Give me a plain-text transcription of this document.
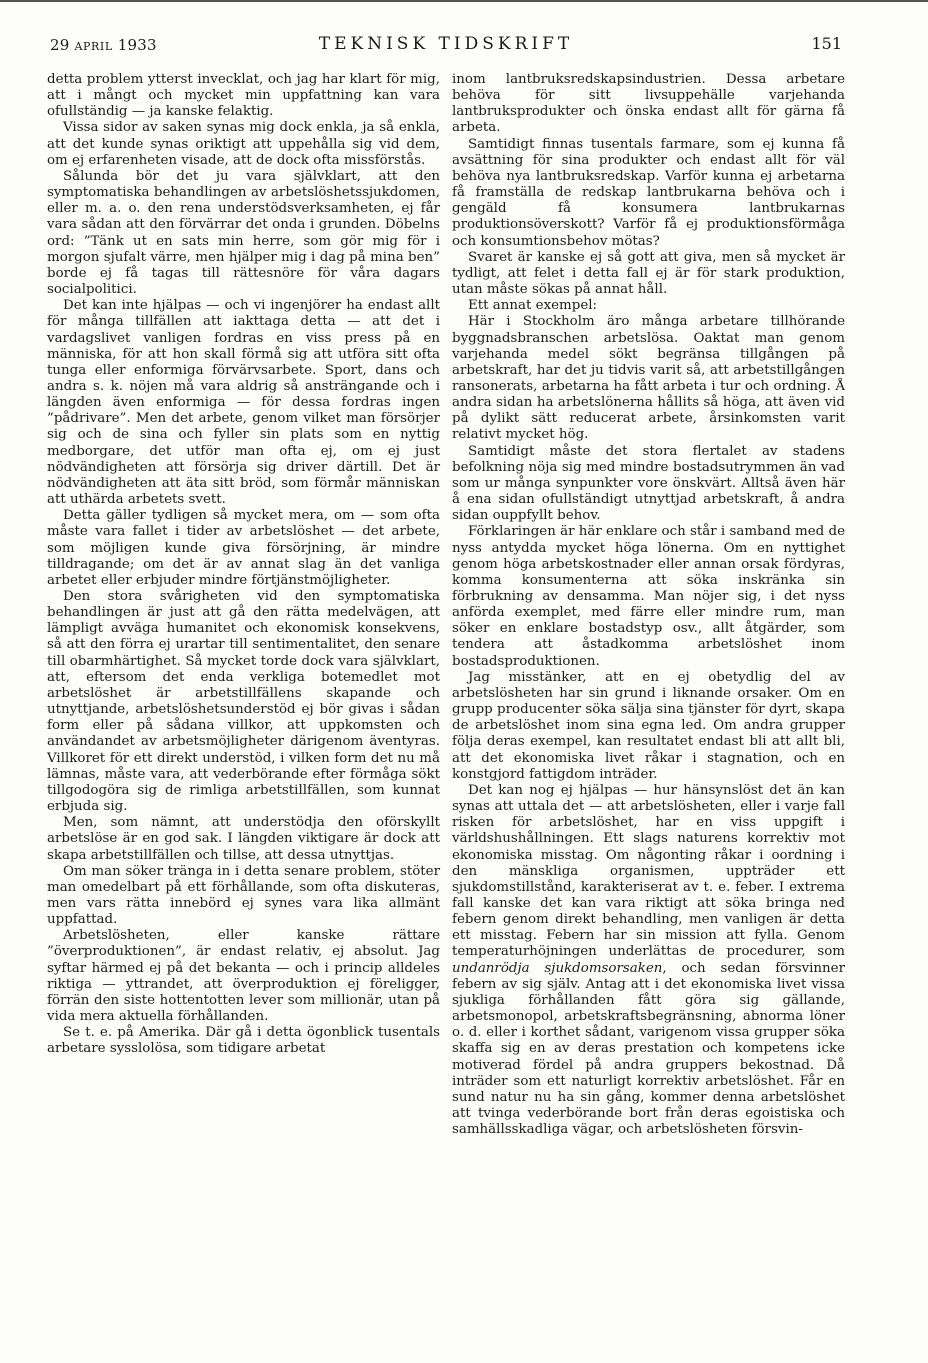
29 APRIL 1933	TEKNISK TIDSKRIFT	151

detta problem ytterst invecklat, och jag har klart för mig, att i mångt och mycket min uppfattning kan vara ofullständig — ja kanske felaktig.

Vissa sidor av saken synas mig dock enkla, ja så enkla, att det kunde synas oriktigt att uppehålla sig vid dem, om ej erfarenheten visade, att de dock ofta missförstås.

Sålunda bör det ju vara självklart, att den symptomatiska behandlingen av arbetslöshetssjukdomen, eller m. a. o. den rena understödsverksamheten, ej får vara sådan att den förvärrar det onda i grunden. Döbelns ord: ”Tänk ut en sats min herre, som gör mig för i morgon sjufalt värre, men hjälper mig i dag på mina ben” borde ej få tagas till rättesnöre för våra dagars socialpolitici.

Det kan inte hjälpas — och vi ingenjörer ha endast allt för många tillfällen att iakttaga detta — att det i vardagslivet vanligen fordras en viss press på en människa, för att hon skall förmå sig att utföra sitt ofta tunga eller enformiga förvärvsarbete. Sport, dans och andra s. k. nöjen må vara aldrig så ansträngande och i längden även enformiga — för dessa fordras ingen ”pådrivare”. Men det arbete, genom vilket man försörjer sig och de sina och fyller sin plats som en nyttig medborgare, det utför man ofta ej, om ej just nödvändigheten att försörja sig driver därtill. Det är nödvändigheten att äta sitt bröd, som förmår människan att uthärda arbetets svett.

Detta gäller tydligen så mycket mera, om — som ofta måste vara fallet i tider av arbetslöshet — det arbete, som möjligen kunde giva försörjning, är mindre tilldragande; om det är av annat slag än det vanliga arbetet eller erbjuder mindre förtjänstmöjligheter.

Den stora svårigheten vid den symptomatiska behandlingen är just att gå den rätta medelvägen, att lämpligt avväga humanitet och ekonomisk konsekvens, så att den förra ej urartar till sentimentalitet, den senare till obarmhärtighet. Så mycket torde dock vara självklart, att, eftersom det enda verkliga botemedlet mot arbetslöshet är arbetstillfällens skapande och utnyttjande, arbetslöshetsunderstöd ej bör givas i sådan form eller på sådana villkor, att uppkomsten och användandet av arbetsmöjligheter därigenom äventyras. Villkoret för ett direkt understöd, i vilken form det nu må lämnas, måste vara, att vederbörande efter förmåga sökt tillgodogöra sig de rimliga arbetstillfällen, som kunnat erbjuda sig.

Men, som nämnt, att understödja den oförskyllt arbetslöse är en god sak. I längden viktigare är dock att skapa arbetstillfällen och tillse, att dessa utnyttjas.

Om man söker tränga in i detta senare problem, stöter man omedelbart på ett förhållande, som ofta diskuteras, men vars rätta innebörd ej synes vara lika allmänt uppfattad.

Arbetslösheten, eller kanske rättare ”överproduktionen”, är endast relativ, ej absolut. Jag syftar härmed ej på det bekanta — och i princip alldeles riktiga — yttrandet, att överproduktion ej föreligger, förrän den siste hottentotten lever som millionär, utan på vida mera aktuella förhållanden.

Se t. e. på Amerika. Där gå i detta ögonblick tusentals arbetare sysslolösa, som tidigare arbetat

inom lantbruksredskapsindustrien. Dessa arbetare behöva för sitt livsuppehälle varjehanda lantbruksprodukter och önska endast allt för gärna få arbeta.

Samtidigt finnas tusentals farmare, som ej kunna få avsättning för sina produkter och endast allt för väl behöva nya lantbruksredskap. Varför kunna ej arbetarna få framställa de redskap lantbrukarna behöva och i gengäld få konsumera lantbrukarnas produktionsöverskott? Varför få ej produktionsförmåga och konsumtionsbehov mötas?

Svaret är kanske ej så gott att giva, men så mycket är tydligt, att felet i detta fall ej är för stark produktion, utan måste sökas på annat håll.

Ett annat exempel:

Här i Stockholm äro många arbetare tillhörande byggnadsbranschen arbetslösa. Oaktat man genom varjehanda medel sökt begränsa tillgången på arbetskraft, har det ju tidvis varit så, att arbetstillgången ransonerats, arbetarna ha fått arbeta i tur och ordning. Å andra sidan ha arbetslönerna hållits så höga, att även vid på dylikt sätt reducerat arbete, årsinkomsten varit relativt mycket hög.

Samtidigt måste det stora flertalet av stadens befolkning nöja sig med mindre bostadsutrymmen än vad som ur många synpunkter vore önskvärt. Alltså även här å ena sidan ofullständigt utnyttjad arbetskraft, å andra sidan ouppfyllt behov.

Förklaringen är här enklare och står i samband med de nyss antydda mycket höga lönerna. Om en nyttighet genom höga arbetskostnader eller annan orsak fördyras, komma konsumenterna att söka inskränka sin förbrukning av densamma. Man nöjer sig, i det nyss anförda exemplet, med färre eller mindre rum, man söker en enklare bostadstyp osv., allt åtgärder, som tendera att åstadkomma arbetslöshet inom bostadsproduktionen.

Jag misstänker, att en ej obetydlig del av arbetslösheten har sin grund i liknande orsaker. Om en grupp producenter söka sälja sina tjänster för dyrt, skapa de arbetslöshet inom sina egna led. Om andra grupper följa deras exempel, kan resultatet endast bli att allt bli, att det ekonomiska livet råkar i stagnation, och en konstgjord fattigdom inträder.

Det kan nog ej hjälpas — hur hänsynslöst det än kan synas att uttala det — att arbetslösheten, eller i varje fall risken för arbetslöshet, har en viss uppgift i världshushållningen. Ett slags naturens korrektiv mot ekonomiska misstag. Om någonting råkar i oordning i den mänskliga organismen, uppträder ett sjukdomstillstånd, karakteriserat av t. e. feber. I extrema fall kanske det kan vara riktigt att söka bringa ned febern genom direkt behandling, men vanligen är detta ett misstag. Febern har sin mission att fylla. Genom temperaturhöjningen underlättas de procedurer, som undanrödja sjukdomsorsaken, och sedan försvinner febern av sig själv. Antag att i det ekonomiska livet vissa sjukliga förhållanden fått göra sig gällande, arbetsmonopol, arbetskraftsbegränsning, abnorma löner o. d. eller i korthet sådant, varigenom vissa grupper söka skaffa sig en av deras prestation och kompetens icke motiverad fördel på andra gruppers bekostnad. Då inträder som ett naturligt korrektiv arbetslöshet. Får en sund natur nu ha sin gång, kommer denna arbetslöshet att tvinga vederbörande bort från deras egoistiska och samhällsskadliga vägar, och arbetslösheten försvin-
